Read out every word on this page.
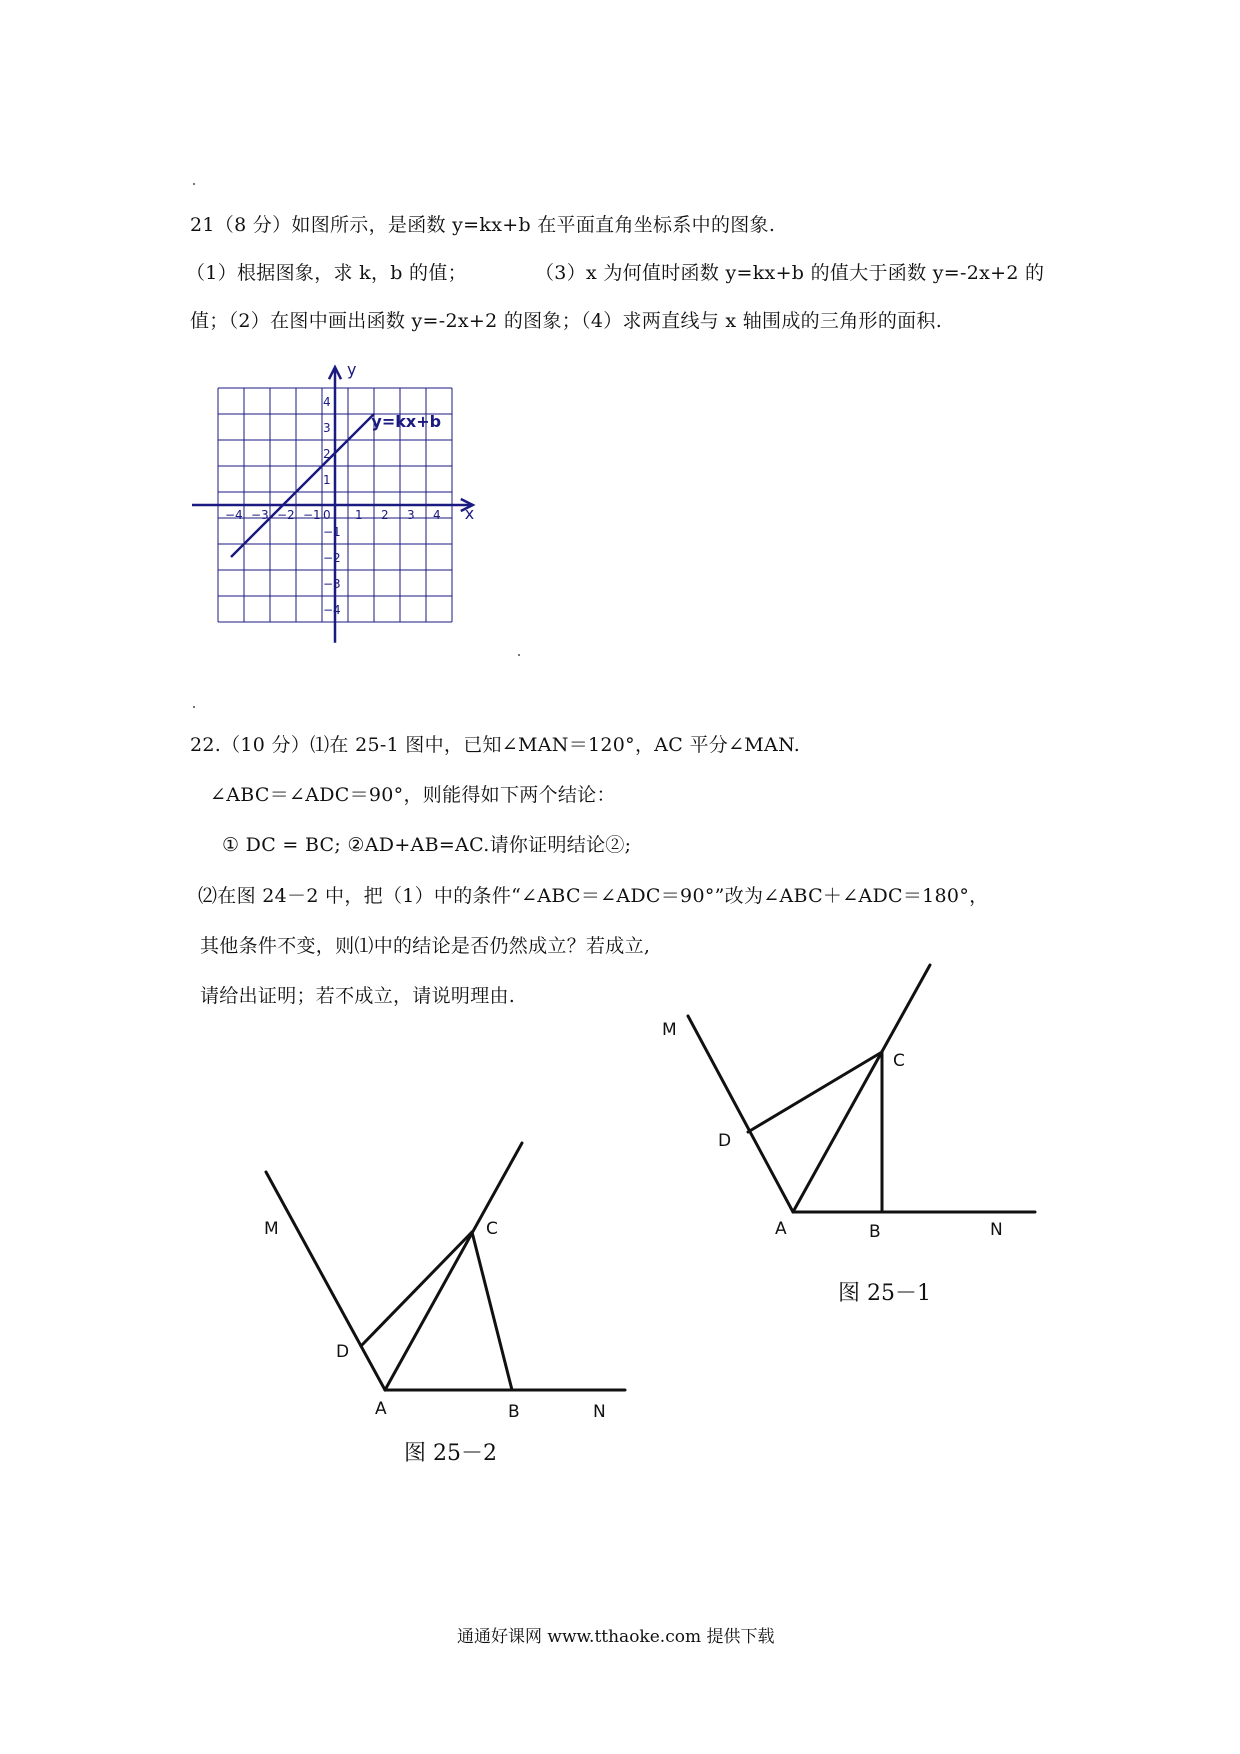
21（8 分）如图所示，是函数 y=kx+b 在平面直角坐标系中的图象.
（1）根据图象，求 k，b 的值；	（3）x 为何值时函数 y=kx+b 的值大于函数 y=-2x+2 的
值；（2）在图中画出函数 y=-2x+2 的图象；（4）求两直线与 x 轴围成的三角形的面积.
x
y
−4 −3 −2 −1	1 2 3 4
4
3
2
1
−1
−2
−3
−4
0
y=kx+b
22.（10 分）⑴在 25-1 图中，已知∠MAN＝120°，AC 平分∠MAN.
∠ABC＝∠ADC＝90°，则能得如下两个结论：
① DC = BC; ②AD+AB=AC.请你证明结论②;
⑵在图 24－2 中，把（1）中的条件“∠ABC＝∠ADC＝90°”改为∠ABC＋∠ADC＝180°，
其他条件不变，则⑴中的结论是否仍然成立？若成立,
请给出证明；若不成立，请说明理由.
M
C
D
A	B	N
图 25－1
M	C
D
A	B	N
图 25－2
通通好课网 www.tthaoke.com 提供下载
